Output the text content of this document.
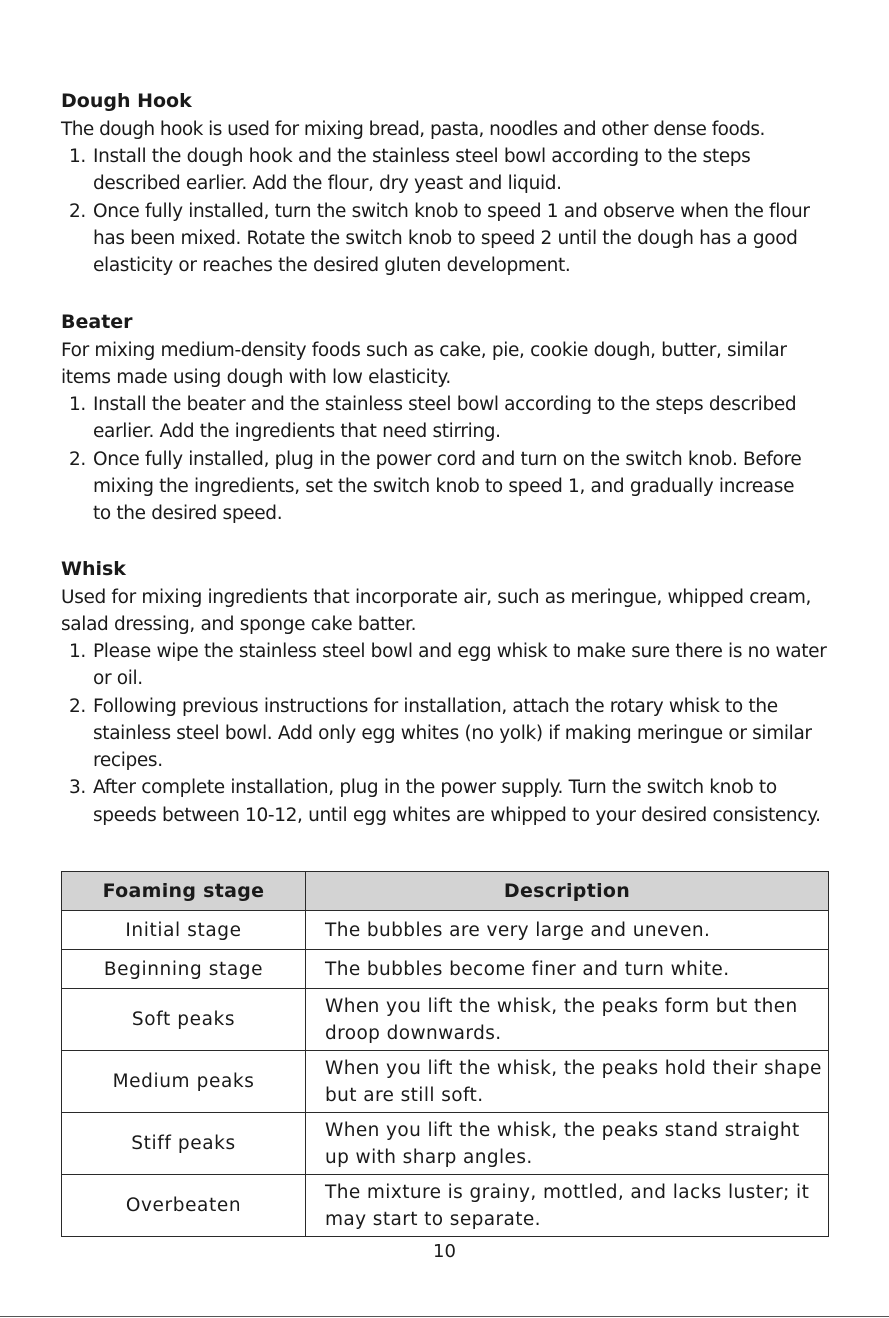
Dough Hook

The dough hook is used for mixing bread, pasta, noodles and other dense foods.

1. Install the dough hook and the stainless steel bowl according to the steps described earlier. Add the flour, dry yeast and liquid.
2. Once fully installed, turn the switch knob to speed 1 and observe when the flour has been mixed. Rotate the switch knob to speed 2 until the dough has a good elasticity or reaches the desired gluten development.
Beater

For mixing medium-density foods such as cake, pie, cookie dough, butter, similar items made using dough with low elasticity.

1. Install the beater and the stainless steel bowl according to the steps described earlier. Add the ingredients that need stirring.
2. Once fully installed, plug in the power cord and turn on the switch knob. Before mixing the ingredients, set the switch knob to speed 1, and gradually increase to the desired speed.
Whisk

Used for mixing ingredients that incorporate air, such as meringue, whipped cream, salad dressing, and sponge cake batter.

1. Please wipe the stainless steel bowl and egg whisk to make sure there is no water or oil.
2. Following previous instructions for installation, attach the rotary whisk to the stainless steel bowl. Add only egg whites (no yolk) if making meringue or similar recipes.
3. After complete installation, plug in the power supply. Turn the switch knob to speeds between 10-12, until egg whites are whipped to your desired consistency.
Foaming stage	Description
Initial stage	The bubbles are very large and uneven.
Beginning stage	The bubbles become finer and turn white.
Soft peaks	When you lift the whisk, the peaks form but then droop downwards.
Medium peaks	When you lift the whisk, the peaks hold their shape but are still soft.
Stiff peaks	When you lift the whisk, the peaks stand straight up with sharp angles.
Overbeaten	The mixture is grainy, mottled, and lacks luster; it may start to separate.
10
